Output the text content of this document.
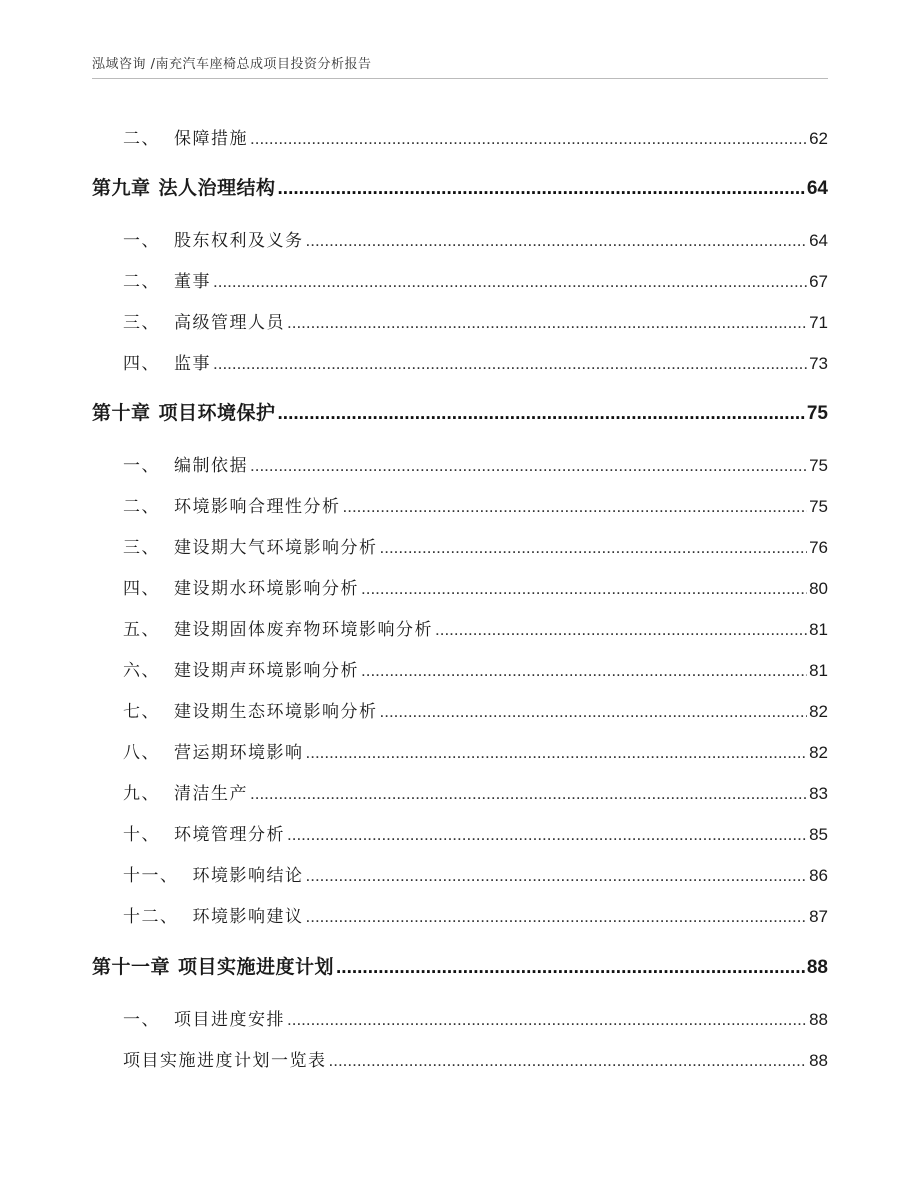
泓域咨询 /南充汽车座椅总成项目投资分析报告
二、 保障措施 .....	62
第九章 法人治理结构 .....	64
一、 股东权利及义务 .....	64
二、 董事 .....	67
三、 高级管理人员 .....	71
四、 监事 .....	73
第十章 项目环境保护 .....	75
一、 编制依据 .....	75
二、 环境影响合理性分析 .....	75
三、 建设期大气环境影响分析 .....	76
四、 建设期水环境影响分析 .....	80
五、 建设期固体废弃物环境影响分析 .....	81
六、 建设期声环境影响分析 .....	81
七、 建设期生态环境影响分析 .....	82
八、 营运期环境影响 .....	82
九、 清洁生产 .....	83
十、 环境管理分析 .....	85
十一、 环境影响结论 .....	86
十二、 环境影响建议 .....	87
第十一章 项目实施进度计划 .....	88
一、 项目进度安排 .....	88
项目实施进度计划一览表 .....	88
